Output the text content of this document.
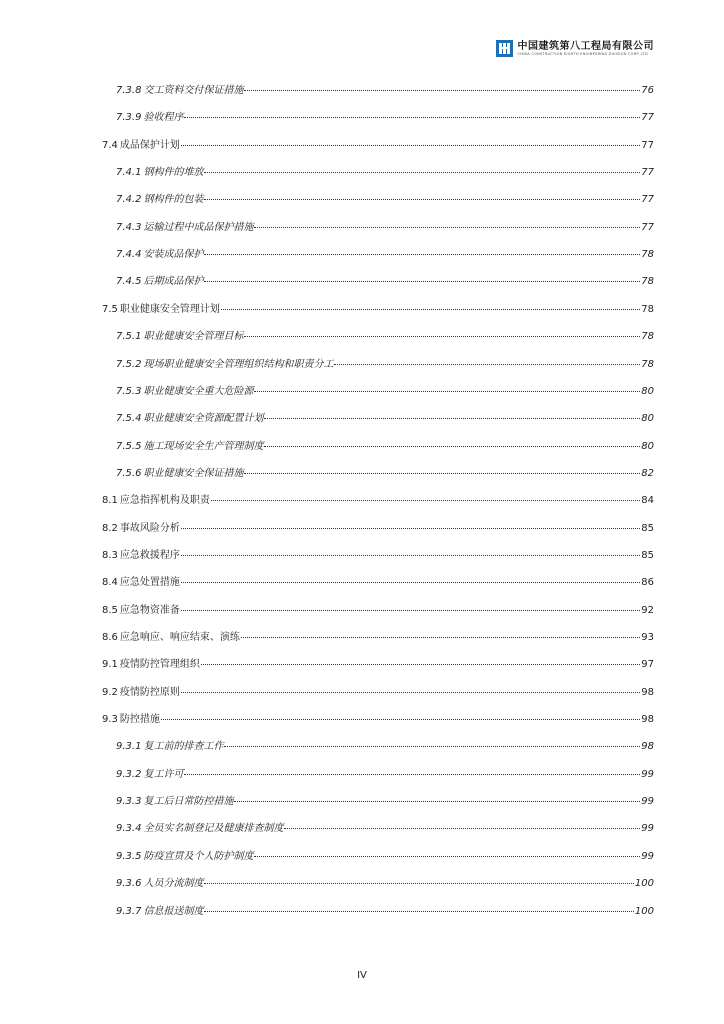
中国建筑第八工程局有限公司
CHINA CONSTRUCTION EIGHTH ENGINEERING DIVISION CORP.,LTD
7.3.8 交工资料交付保证措施	76
7.3.9 验收程序	77
7.4 成品保护计划	77
7.4.1 钢构件的堆放	77
7.4.2 钢构件的包装	77
7.4.3 运输过程中成品保护措施	77
7.4.4 安装成品保护	78
7.4.5 后期成品保护	78
7.5 职业健康安全管理计划	78
7.5.1 职业健康安全管理目标	78
7.5.2 现场职业健康安全管理组织结构和职责分工	78
7.5.3 职业健康安全重大危险源	80
7.5.4 职业健康安全资源配置计划	80
7.5.5 施工现场安全生产管理制度	80
7.5.6 职业健康安全保证措施	82
8.1 应急指挥机构及职责	84
8.2 事故风险分析	85
8.3 应急救援程序	85
8.4 应急处置措施	86
8.5 应急物资准备	92
8.6 应急响应、响应结束、演练	93
9.1 疫情防控管理组织	97
9.2 疫情防控原则	98
9.3 防控措施	98
9.3.1 复工前的排查工作	98
9.3.2 复工许可	99
9.3.3 复工后日常防控措施	99
9.3.4 全员实名制登记及健康排查制度	99
9.3.5 防疫宣贯及个人防护制度	99
9.3.6 人员分流制度	100
9.3.7 信息报送制度	100
IV
